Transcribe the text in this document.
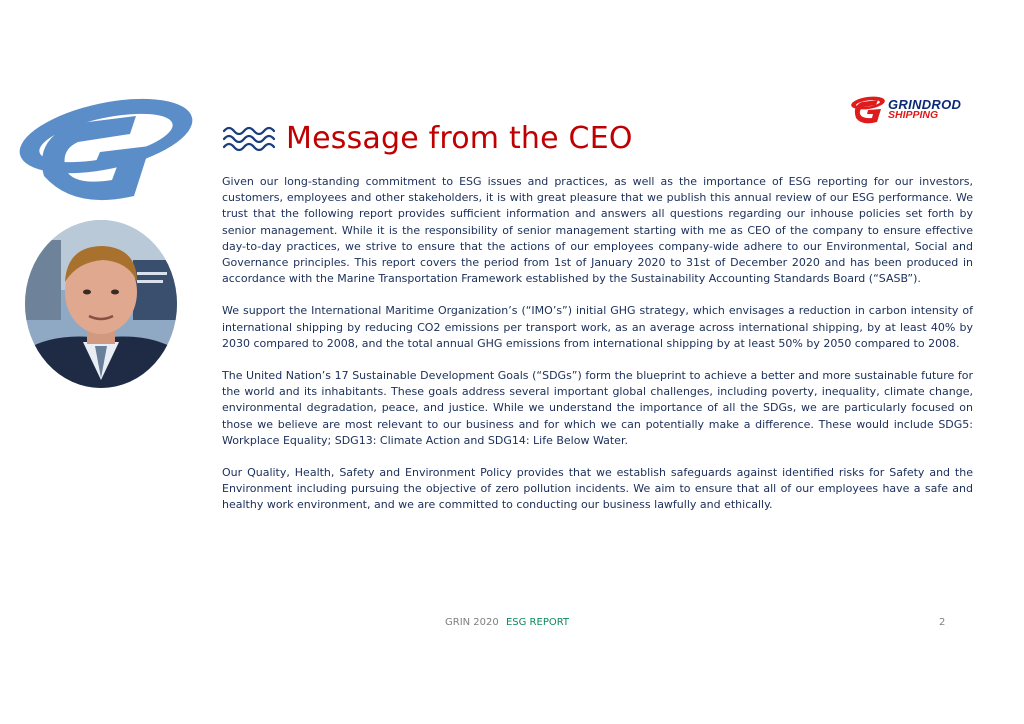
GRINDROD
SHIPPING
Message from the CEO

Given our long-standing commitment to ESG issues and practices, as well as the importance of ESG reporting for our investors, customers, employees and other stakeholders, it is with great pleasure that we publish this annual review of our ESG performance. We trust that the following report provides sufficient information and answers all questions regarding our inhouse policies set forth by senior management. While it is the responsibility of senior management starting with me as CEO of the company to ensure effective day-to-day practices, we strive to ensure that the actions of our employees company-wide adhere to our Environmental, Social and Governance principles. This report covers the period from 1st of January 2020 to 31st of December 2020 and has been produced in accordance with the Marine Transportation Framework established by the Sustainability Accounting Standards Board (“SASB”).

We support the International Maritime Organization’s (“IMO’s”) initial GHG strategy, which envisages a reduction in carbon intensity of international shipping by reducing CO2 emissions per transport work, as an average across international shipping, by at least 40% by 2030 compared to 2008, and the total annual GHG emissions from international shipping by at least 50% by 2050 compared to 2008.

The United Nation’s 17 Sustainable Development Goals (“SDGs”) form the blueprint to achieve a better and more sustainable future for the world and its inhabitants. These goals address several important global challenges, including poverty, inequality, climate change, environmental degradation, peace, and justice. While we understand the importance of all the SDGs, we are particularly focused on those we believe are most relevant to our business and for which we can potentially make a difference. These would include SDG5: Workplace Equality; SDG13: Climate Action and SDG14: Life Below Water.

Our Quality, Health, Safety and Environment Policy provides that we establish safeguards against identified risks for Safety and the Environment including pursuing the objective of zero pollution incidents. We aim to ensure that all of our employees have a safe and healthy work environment, and we are committed to conducting our business lawfully and ethically.

GRIN 2020 ESG REPORT	2
